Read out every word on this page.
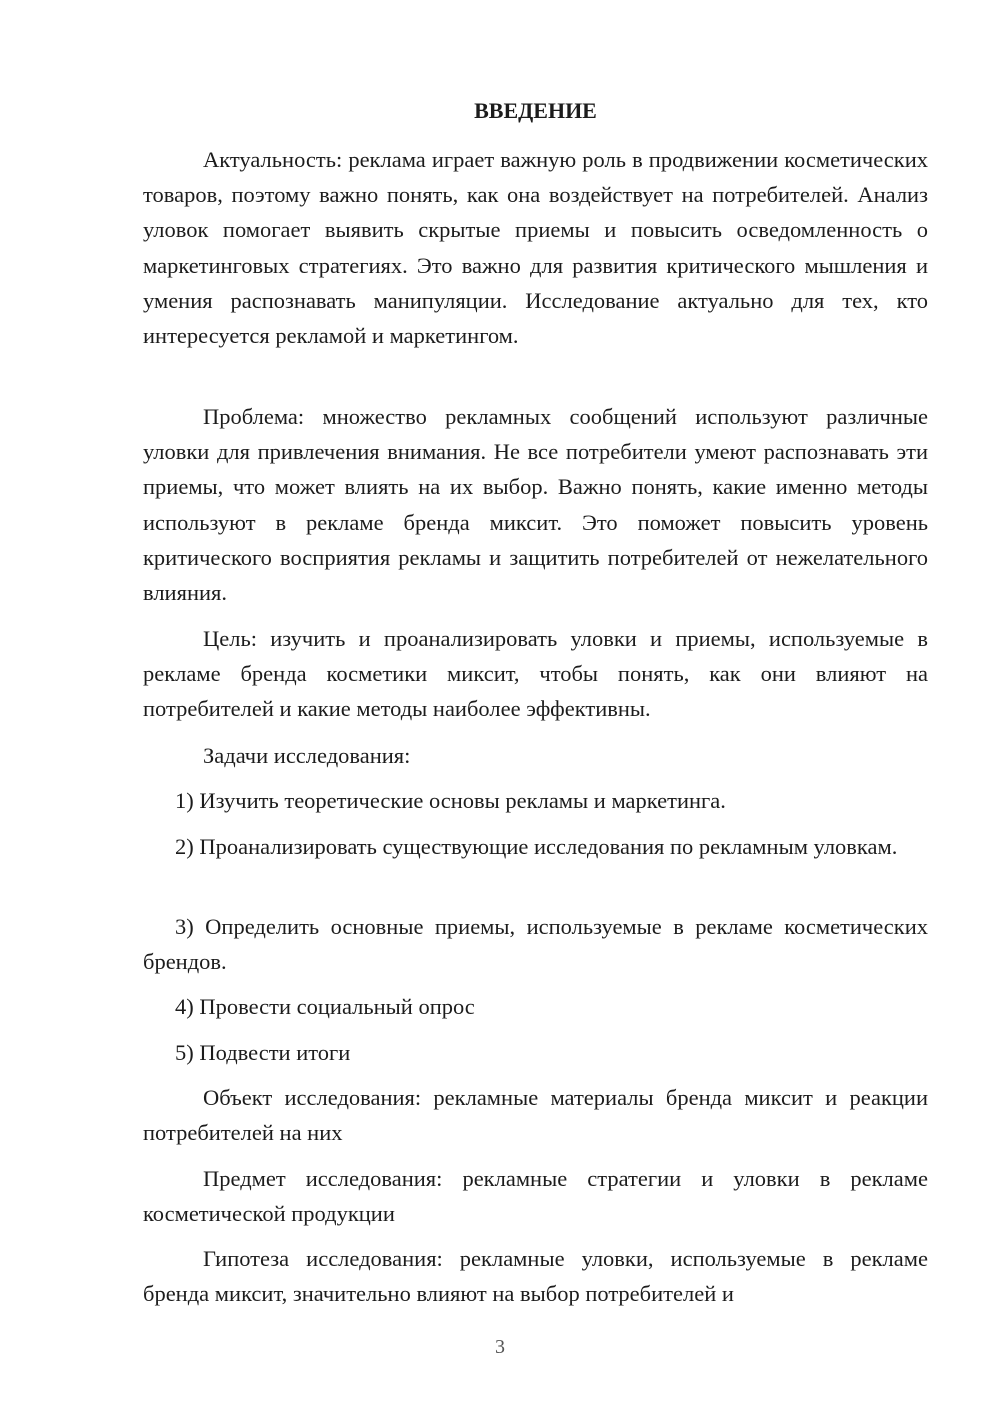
ВВЕДЕНИЕ

Актуальность: реклама играет важную роль в продвижении косметических товаров, поэтому важно понять, как она воздействует на потребителей. Анализ уловок помогает выявить скрытые приемы и повысить осведомленность о маркетинговых стратегиях. Это важно для развития критического мышления и умения распознавать манипуляции. Исследование актуально для тех, кто интересуется рекламой и маркетингом.

Проблема: множество рекламных сообщений используют различные уловки для привлечения внимания. Не все потребители умеют распознавать эти приемы, что может влиять на их выбор. Важно понять, какие именно методы используют в рекламе бренда миксит. Это поможет повысить уровень критического восприятия рекламы и защитить потребителей от нежелательного влияния.

Цель: изучить и проанализировать уловки и приемы, используемые в рекламе бренда косметики миксит, чтобы понять, как они влияют на потребителей и какие методы наиболее эффективны.

Задачи исследования:

1) Изучить теоретические основы рекламы и маркетинга.

2) Проанализировать существующие исследования по рекламным уловкам.

3) Определить основные приемы, используемые в рекламе косметических брендов.

4) Провести социальный опрос

5) Подвести итоги

Объект исследования: рекламные материалы бренда миксит и реакции потребителей на них

Предмет исследования: рекламные стратегии и уловки в рекламе косметической продукции

Гипотеза исследования: рекламные уловки, используемые в рекламе бренда миксит, значительно влияют на выбор потребителей и

3
